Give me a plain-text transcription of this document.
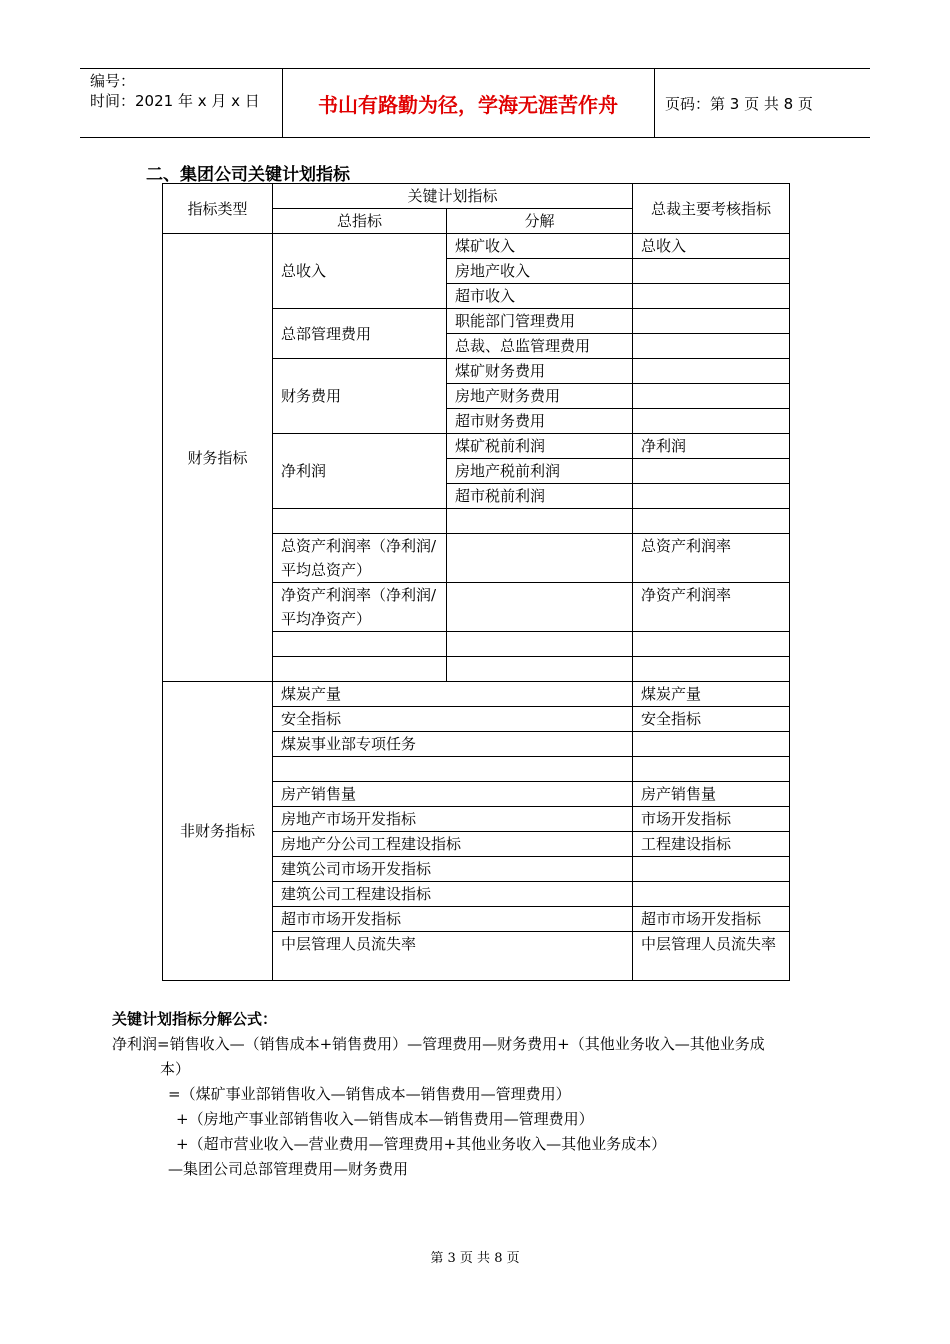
编号：
时间：2021 年 x 月 x 日	书山有路勤为径，学海无涯苦作舟	页码：第 3 页 共 8 页
二、集团公司关键计划指标
指标类型	关键计划指标		总裁主要考核指标
	总指标	分解	
财务指标	总收入	煤矿收入	总收入
		房地产收入	
		超市收入	
	总部管理费用	职能部门管理费用	
		总裁、总监管理费用	
	财务费用	煤矿财务费用	
		房地产财务费用	
		超市财务费用	
	净利润	煤矿税前利润	净利润
		房地产税前利润	
		超市税前利润	

	总资产利润率（净利润/平均总资产）		总资产利润率
	净资产利润率（净利润/平均净资产）		净资产利润率

非财务指标	煤炭产量		煤炭产量
	安全指标		安全指标
	煤炭事业部专项任务		

	房产销售量		房产销售量
	房地产市场开发指标		市场开发指标
	房地产分公司工程建设指标		工程建设指标
	建筑公司市场开发指标		
	建筑公司工程建设指标		
	超市市场开发指标		超市市场开发指标
	中层管理人员流失率		中层管理人员流失率
关键计划指标分解公式：
净利润=销售收入—（销售成本+销售费用）—管理费用—财务费用+（其他业务收入—其他业务成
本）
=（煤矿事业部销售收入—销售成本—销售费用—管理费用）
+（房地产事业部销售收入—销售成本—销售费用—管理费用）
+（超市营业收入—营业费用—管理费用+其他业务收入—其他业务成本）
—集团公司总部管理费用—财务费用
第 3 页 共 8 页
